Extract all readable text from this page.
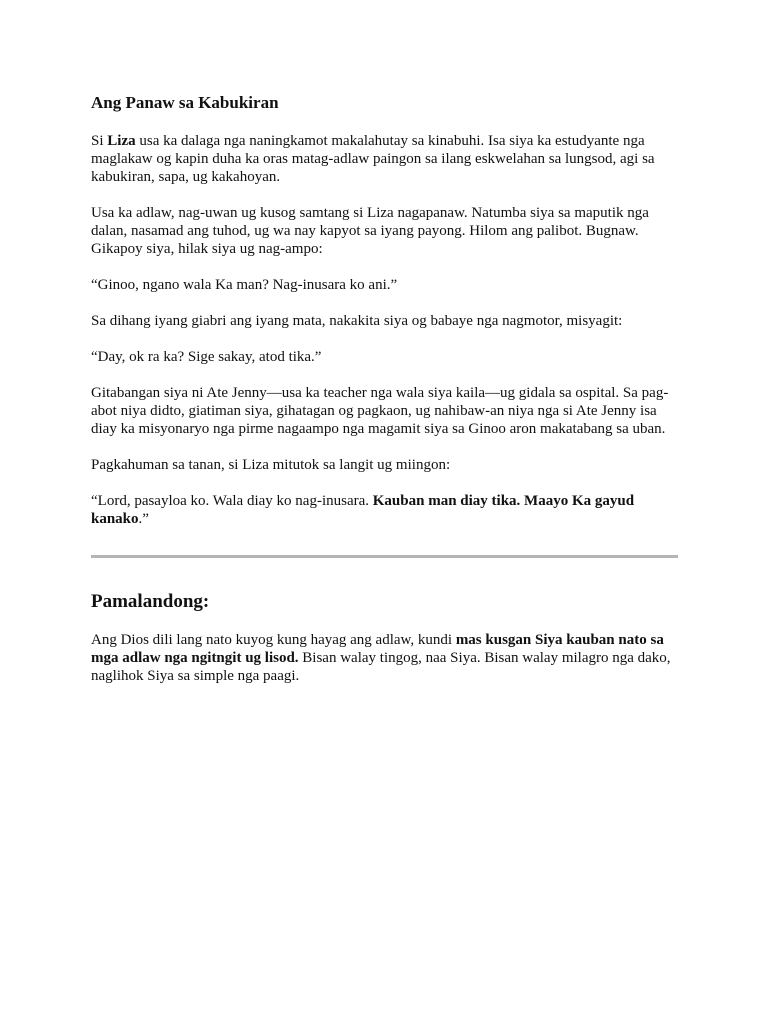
Ang Panaw sa Kabukiran

Si Liza usa ka dalaga nga naningkamot makalahutay sa kinabuhi. Isa siya ka estudyante nga maglakaw og kapin duha ka oras matag-adlaw paingon sa ilang eskwelahan sa lungsod, agi sa kabukiran, sapa, ug kakahoyan.

Usa ka adlaw, nag-uwan ug kusog samtang si Liza nagapanaw. Natumba siya sa maputik nga dalan, nasamad ang tuhod, ug wa nay kapyot sa iyang payong. Hilom ang palibot. Bugnaw. Gikapoy siya, hilak siya ug nag-ampo:

“Ginoo, ngano wala Ka man? Nag-inusara ko ani.”

Sa dihang iyang giabri ang iyang mata, nakakita siya og babaye nga nagmotor, misyagit:

“Day, ok ra ka? Sige sakay, atod tika.”

Gitabangan siya ni Ate Jenny—usa ka teacher nga wala siya kaila—ug gidala sa ospital. Sa pag-abot niya didto, giatiman siya, gihatagan og pagkaon, ug nahibaw-an niya nga si Ate Jenny isa diay ka misyonaryo nga pirme nagaampo nga magamit siya sa Ginoo aron makatabang sa uban.

Pagkahuman sa tanan, si Liza mitutok sa langit ug miingon:

“Lord, pasayloa ko. Wala diay ko nag-inusara. Kauban man diay tika. Maayo Ka gayud kanako.”

Pamalandong:

Ang Dios dili lang nato kuyog kung hayag ang adlaw, kundi mas kusgan Siya kauban nato sa mga adlaw nga ngitngit ug lisod. Bisan walay tingog, naa Siya. Bisan walay milagro nga dako, naglihok Siya sa simple nga paagi.
